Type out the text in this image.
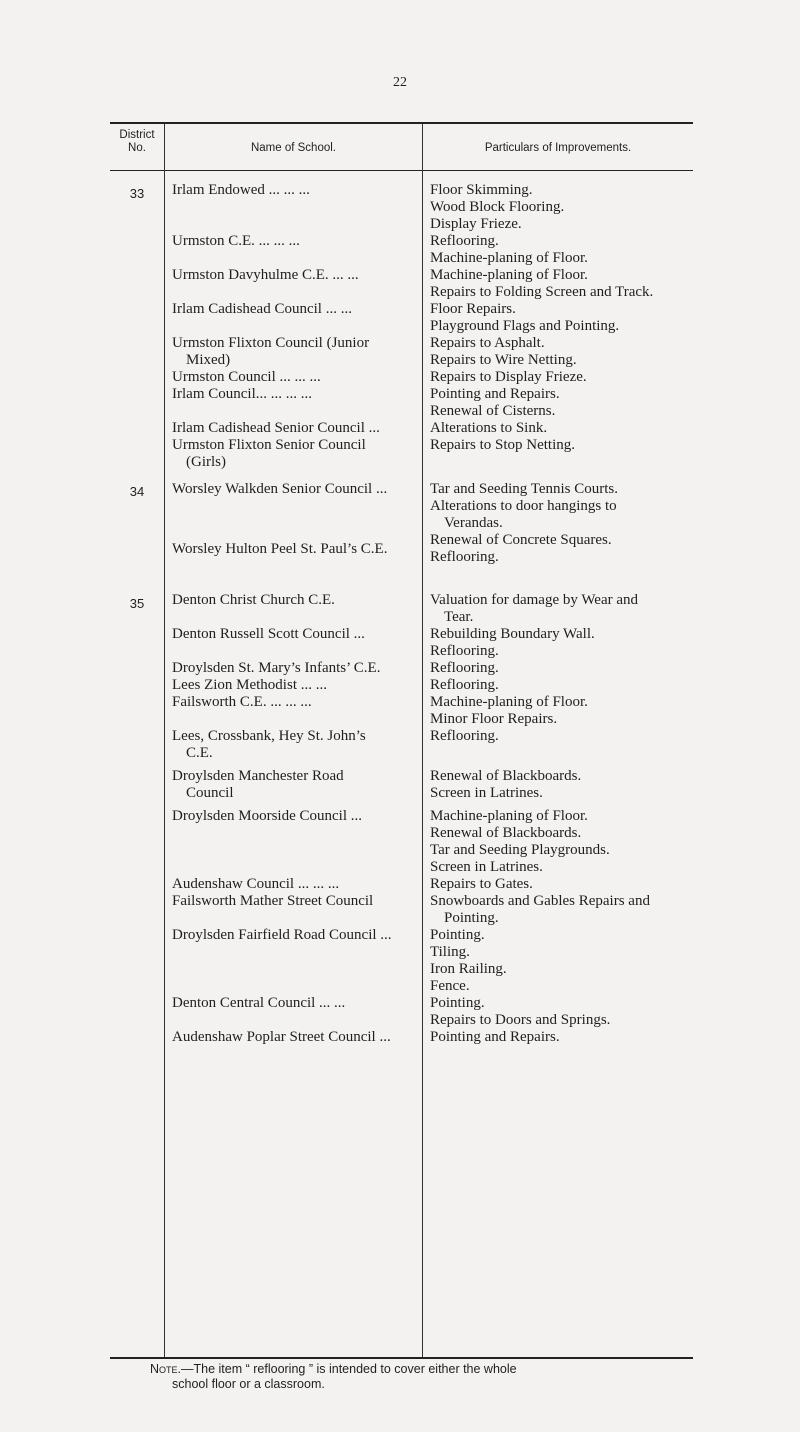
22
District
No.	Name of School.	Particulars of Improvements.
33
34
35
Irlam Endowed ... ... ...
Urmston C.E. ... ... ...
Urmston Davyhulme C.E. ... ...
Irlam Cadishead Council ... ...
Urmston Flixton Council (Junior
Mixed)
Urmston Council ... ... ...
Irlam Council... ... ... ...
Irlam Cadishead Senior Council ...
Urmston Flixton Senior Council
(Girls)
Worsley Walkden Senior Council ...
Worsley Hulton Peel St. Paul’s C.E.
Denton Christ Church C.E.
Denton Russell Scott Council ...
Droylsden St. Mary’s Infants’ C.E.
Lees Zion Methodist ... ...
Failsworth C.E. ... ... ...
Lees, Crossbank, Hey St. John’s
C.E.
Droylsden Manchester Road
Council
Droylsden Moorside Council ...
Audenshaw Council ... ... ...
Failsworth Mather Street Council
Droylsden Fairfield Road Council ...
Denton Central Council ... ...
Audenshaw Poplar Street Council ...
Floor Skimming.
Wood Block Flooring.
Display Frieze.
Reflooring.
Machine-planing of Floor.
Machine-planing of Floor.
Repairs to Folding Screen and Track.
Floor Repairs.
Playground Flags and Pointing.
Repairs to Asphalt.
Repairs to Wire Netting.
Repairs to Display Frieze.
Pointing and Repairs.
Renewal of Cisterns.
Alterations to Sink.
Repairs to Stop Netting.
Tar and Seeding Tennis Courts.
Alterations to door hangings to
Verandas.
Renewal of Concrete Squares.
Reflooring.
Valuation for damage by Wear and
Tear.
Rebuilding Boundary Wall.
Reflooring.
Reflooring.
Reflooring.
Machine-planing of Floor.
Minor Floor Repairs.
Reflooring.
Renewal of Blackboards.
Screen in Latrines.
Machine-planing of Floor.
Renewal of Blackboards.
Tar and Seeding Playgrounds.
Screen in Latrines.
Repairs to Gates.
Snowboards and Gables Repairs and
Pointing.
Pointing.
Tiling.
Iron Railing.
Fence.
Pointing.
Repairs to Doors and Springs.
Pointing and Repairs.
Note.—The item “ reflooring ” is intended to cover either the whole
school floor or a classroom.
